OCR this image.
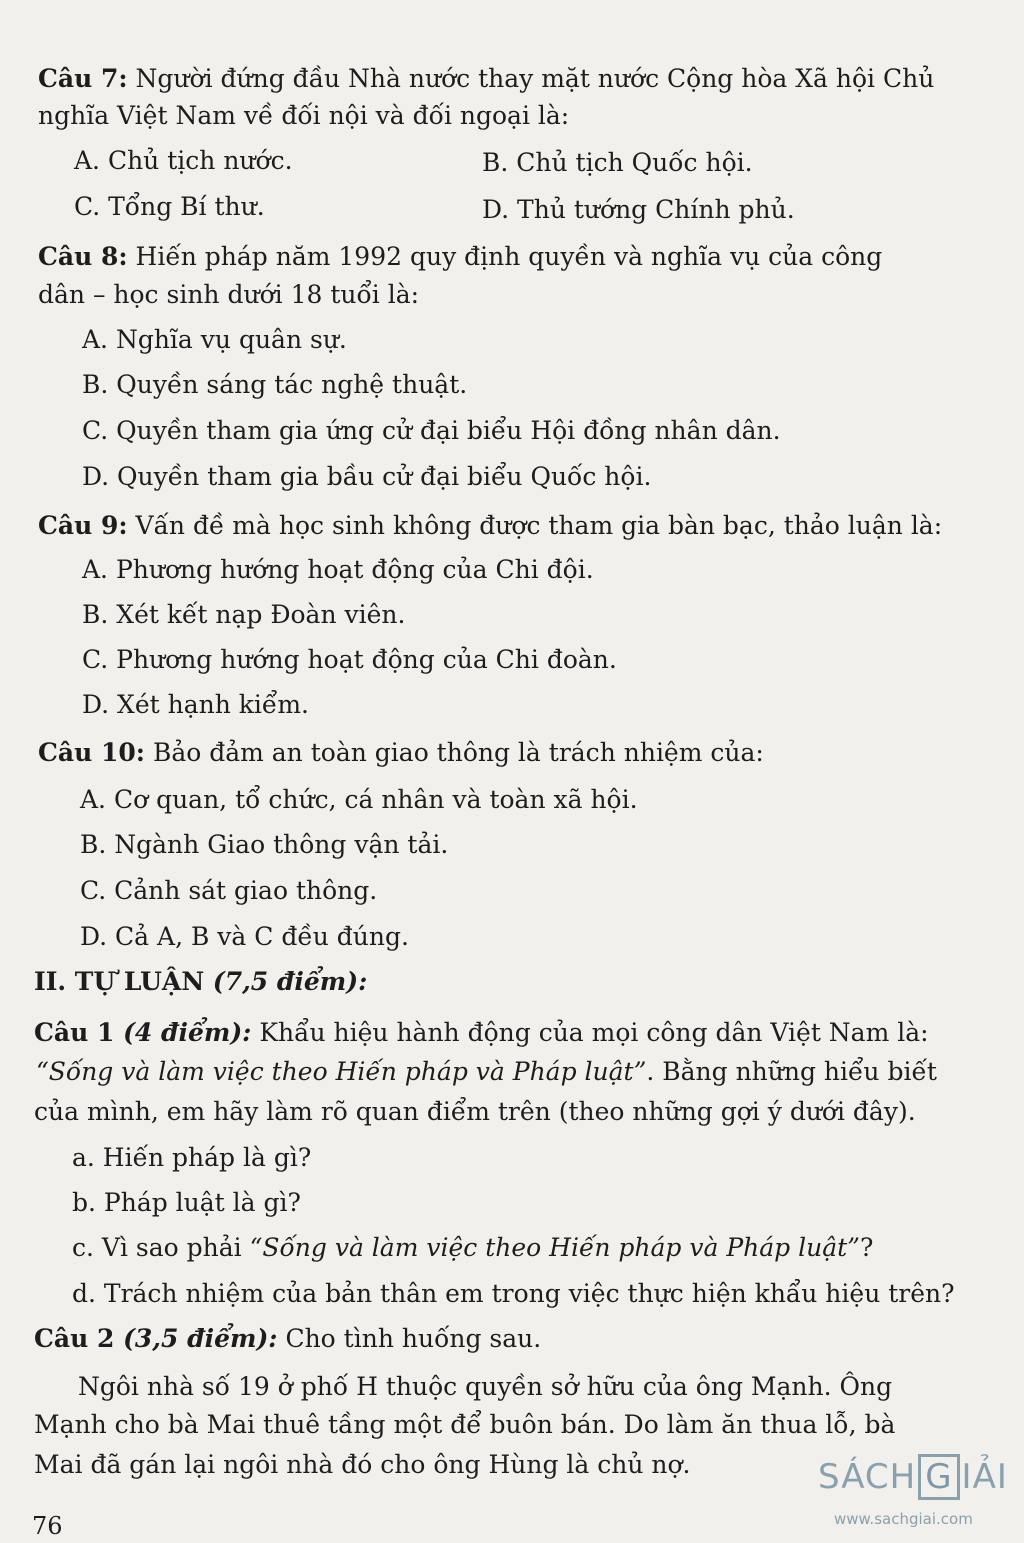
Câu 7: Người đứng đầu Nhà nước thay mặt nước Cộng hòa Xã hội Chủ
nghĩa Việt Nam về đối nội và đối ngoại là:
A. Chủ tịch nước.	B. Chủ tịch Quốc hội.
C. Tổng Bí thư.	D. Thủ tướng Chính phủ.
Câu 8: Hiến pháp năm 1992 quy định quyền và nghĩa vụ của công
dân – học sinh dưới 18 tuổi là:
A. Nghĩa vụ quân sự.
B. Quyền sáng tác nghệ thuật.
C. Quyền tham gia ứng cử đại biểu Hội đồng nhân dân.
D. Quyền tham gia bầu cử đại biểu Quốc hội.
Câu 9: Vấn đề mà học sinh không được tham gia bàn bạc, thảo luận là:
A. Phương hướng hoạt động của Chi đội.
B. Xét kết nạp Đoàn viên.
C. Phương hướng hoạt động của Chi đoàn.
D. Xét hạnh kiểm.
Câu 10: Bảo đảm an toàn giao thông là trách nhiệm của:
A. Cơ quan, tổ chức, cá nhân và toàn xã hội.
B. Ngành Giao thông vận tải.
C. Cảnh sát giao thông.
D. Cả A, B và C đều đúng.
II. TỰ LUẬN (7,5 điểm):
Câu 1 (4 điểm): Khẩu hiệu hành động của mọi công dân Việt Nam là:
“Sống và làm việc theo Hiến pháp và Pháp luật”. Bằng những hiểu biết
của mình, em hãy làm rõ quan điểm trên (theo những gợi ý dưới đây).
a. Hiến pháp là gì?
b. Pháp luật là gì?
c. Vì sao phải “Sống và làm việc theo Hiến pháp và Pháp luật”?
d. Trách nhiệm của bản thân em trong việc thực hiện khẩu hiệu trên?
Câu 2 (3,5 điểm): Cho tình huống sau.
Ngôi nhà số 19 ở phố H thuộc quyền sở hữu của ông Mạnh. Ông
Mạnh cho bà Mai thuê tầng một để buôn bán. Do làm ăn thua lỗ, bà
Mai đã gán lại ngôi nhà đó cho ông Hùng là chủ nợ.
76
SÁCH G IẢI
www.sachgiai.com
